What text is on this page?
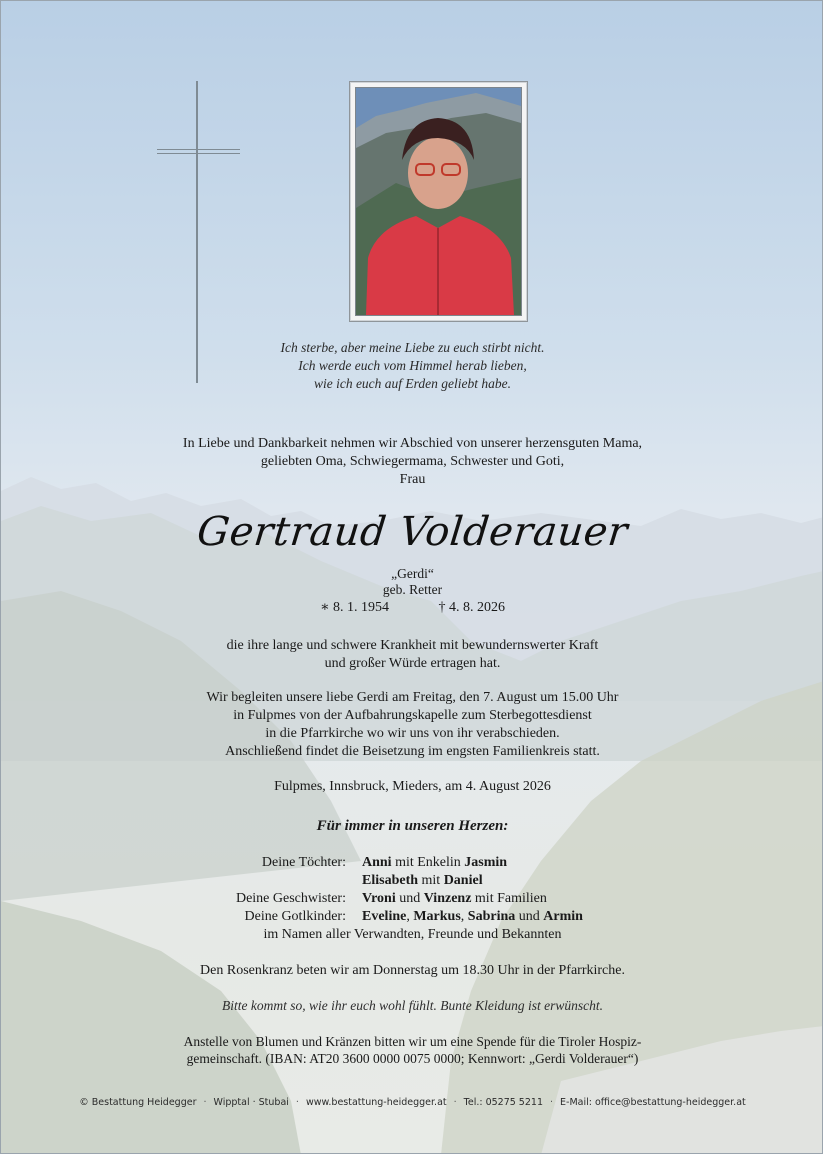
Ich sterbe, aber meine Liebe zu euch stirbt nicht.
Ich werde euch vom Himmel herab lieben,
wie ich euch auf Erden geliebt habe.
In Liebe und Dankbarkeit nehmen wir Abschied von unserer herzensguten Mama,
geliebten Oma, Schwiegermama, Schwester und Goti,
Frau
Gertraud Volderauer
„Gerdi“
geb. Retter
∗ 8. 1. 1954	† 4. 8. 2026
die ihre lange und schwere Krankheit mit bewundernswerter Kraft
und großer Würde ertragen hat.
Wir begleiten unsere liebe Gerdi am Freitag, den 7. August um 15.00 Uhr
in Fulpmes von der Aufbahrungskapelle zum Sterbegottesdienst
in die Pfarrkirche wo wir uns von ihr verabschieden.
Anschließend findet die Beisetzung im engsten Familienkreis statt.
Fulpmes, Innsbruck, Mieders, am 4. August 2026
Für immer in unseren Herzen:
Deine Töchter: Anni mit Enkelin Jasmin
Elisabeth mit Daniel
Deine Geschwister: Vroni und Vinzenz mit Familien
Deine Gotlkinder: Eveline, Markus, Sabrina und Armin
im Namen aller Verwandten, Freunde und Bekannten
Den Rosenkranz beten wir am Donnerstag um 18.30 Uhr in der Pfarrkirche.
Bitte kommt so, wie ihr euch wohl fühlt. Bunte Kleidung ist erwünscht.
Anstelle von Blumen und Kränzen bitten wir um eine Spende für die Tiroler Hospiz-
gemeinschaft. (IBAN: AT20 3600 0000 0075 0000; Kennwort: „Gerdi Volderauer“)
© Bestattung Heidegger · Wipptal · Stubai · www.bestattung-heidegger.at · Tel.: 05275 5211 · E-Mail: office@bestattung-heidegger.at
